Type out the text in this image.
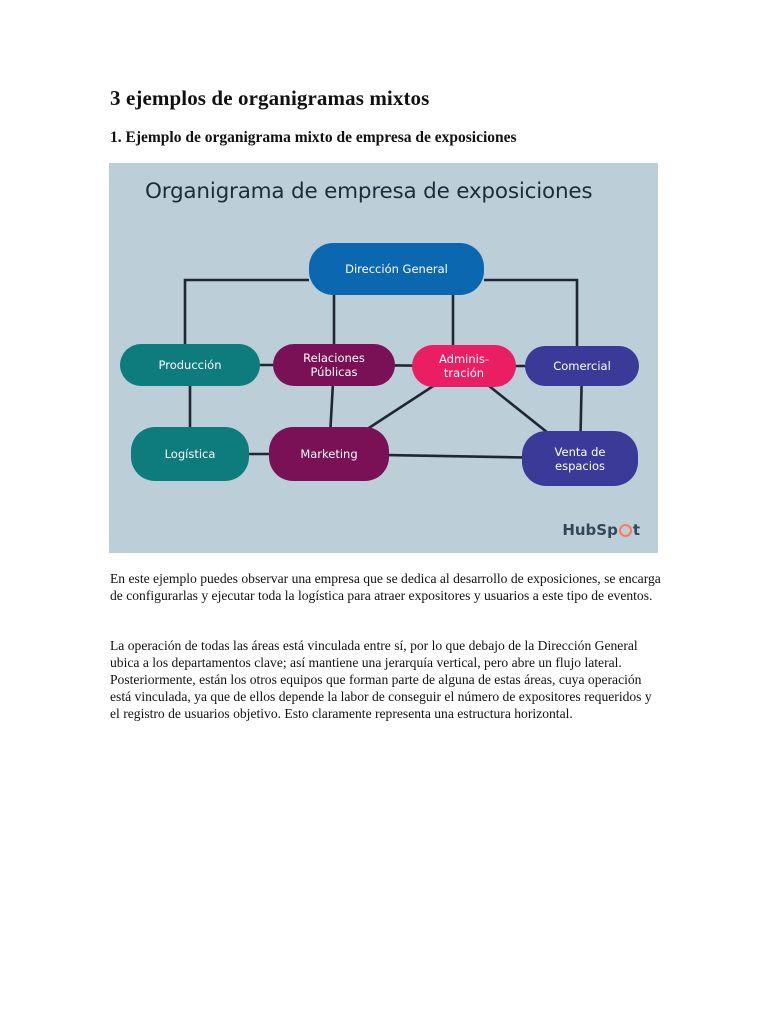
3 ejemplos de organigramas mixtos
1. Ejemplo de organigrama mixto de empresa de exposiciones
Organigrama de empresa de exposiciones
Dirección General
Producción	Relaciones
Públicas
Adminis-
tración	Comercial
Logística	Marketing	Venta de
espacios
HubSp t

En este ejemplo puedes observar una empresa que se dedica al desarrollo de exposiciones, se encarga de configurarlas y ejecutar toda la logística para atraer expositores y usuarios a este tipo de eventos.

La operación de todas las áreas está vinculada entre sí, por lo que debajo de la Dirección General ubica a los departamentos clave; así mantiene una jerarquía vertical, pero abre un flujo lateral. Posteriormente, están los otros equipos que forman parte de alguna de estas áreas, cuya operación está vinculada, ya que de ellos depende la labor de conseguir el número de expositores requeridos y el registro de usuarios objetivo. Esto claramente representa una estructura horizontal.
